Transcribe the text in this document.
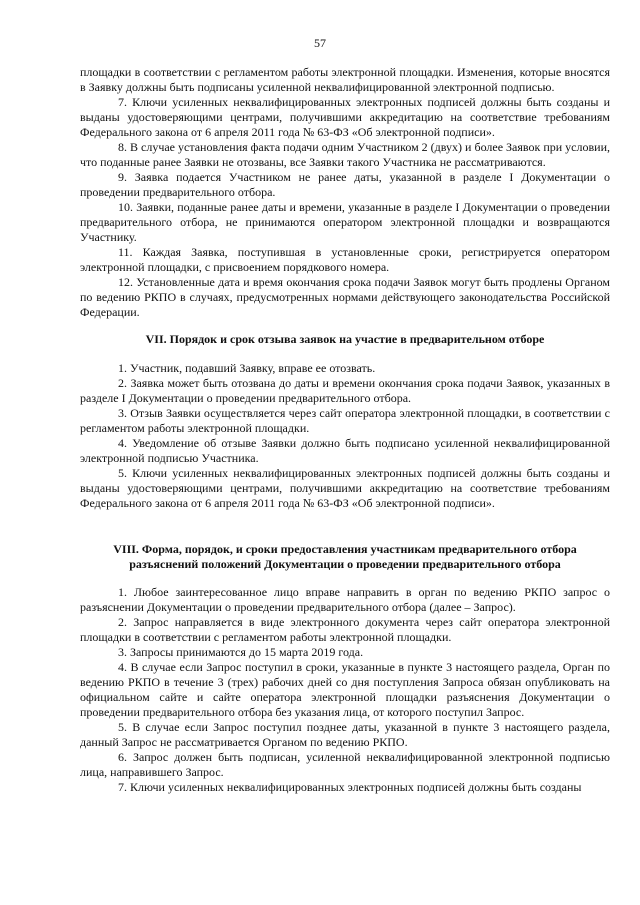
57

площадки в соответствии с регламентом работы электронной площадки. Изменения, которые вносятся в Заявку должны быть подписаны усиленной неквалифицированной электронной подписью.

7. Ключи усиленных неквалифицированных электронных подписей должны быть созданы и выданы удостоверяющими центрами, получившими аккредитацию на соответствие требованиям Федерального закона от 6 апреля 2011 года № 63-ФЗ «Об электронной подписи».

8. В случае установления факта подачи одним Участником 2 (двух) и более Заявок при условии, что поданные ранее Заявки не отозваны, все Заявки такого Участника не рассматриваются.

9. Заявка подается Участником не ранее даты, указанной в разделе I Документации о проведении предварительного отбора.

10. Заявки, поданные ранее даты и времени, указанные в разделе I Документации о проведении предварительного отбора, не принимаются оператором электронной площадки и возвращаются Участнику.

11. Каждая Заявка, поступившая в установленные сроки, регистрируется оператором электронной площадки, с присвоением порядкового номера.

12. Установленные дата и время окончания срока подачи Заявок могут быть продлены Органом по ведению РКПО в случаях, предусмотренных нормами действующего законодательства Российской Федерации.

VII. Порядок и срок отзыва заявок на участие в предварительном отборе

1. Участник, подавший Заявку, вправе ее отозвать.

2. Заявка может быть отозвана до даты и времени окончания срока подачи Заявок, указанных в разделе I Документации о проведении предварительного отбора.

3. Отзыв Заявки осуществляется через сайт оператора электронной площадки, в соответствии с регламентом работы электронной площадки.

4. Уведомление об отзыве Заявки должно быть подписано усиленной неквалифицированной электронной подписью Участника.

5. Ключи усиленных неквалифицированных электронных подписей должны быть созданы и выданы удостоверяющими центрами, получившими аккредитацию на соответствие требованиям Федерального закона от 6 апреля 2011 года № 63-ФЗ «Об электронной подписи».

VIII. Форма, порядок, и сроки предоставления участникам предварительного отбора разъяснений положений Документации о проведении предварительного отбора

1. Любое заинтересованное лицо вправе направить в орган по ведению РКПО запрос о разъяснении Документации о проведении предварительного отбора (далее – Запрос).

2. Запрос направляется в виде электронного документа через сайт оператора электронной площадки в соответствии с регламентом работы электронной площадки.

3. Запросы принимаются до 15 марта 2019 года.

4. В случае если Запрос поступил в сроки, указанные в пункте 3 настоящего раздела, Орган по ведению РКПО в течение 3 (трех) рабочих дней со дня поступления Запроса обязан опубликовать на официальном сайте и сайте оператора электронной площадки разъяснения Документации о проведении предварительного отбора без указания лица, от которого поступил Запрос.

5. В случае если Запрос поступил позднее даты, указанной в пункте 3 настоящего раздела, данный Запрос не рассматривается Органом по ведению РКПО.

6. Запрос должен быть подписан, усиленной неквалифицированной электронной подписью лица, направившего Запрос.

7. Ключи усиленных неквалифицированных электронных подписей должны быть созданы
